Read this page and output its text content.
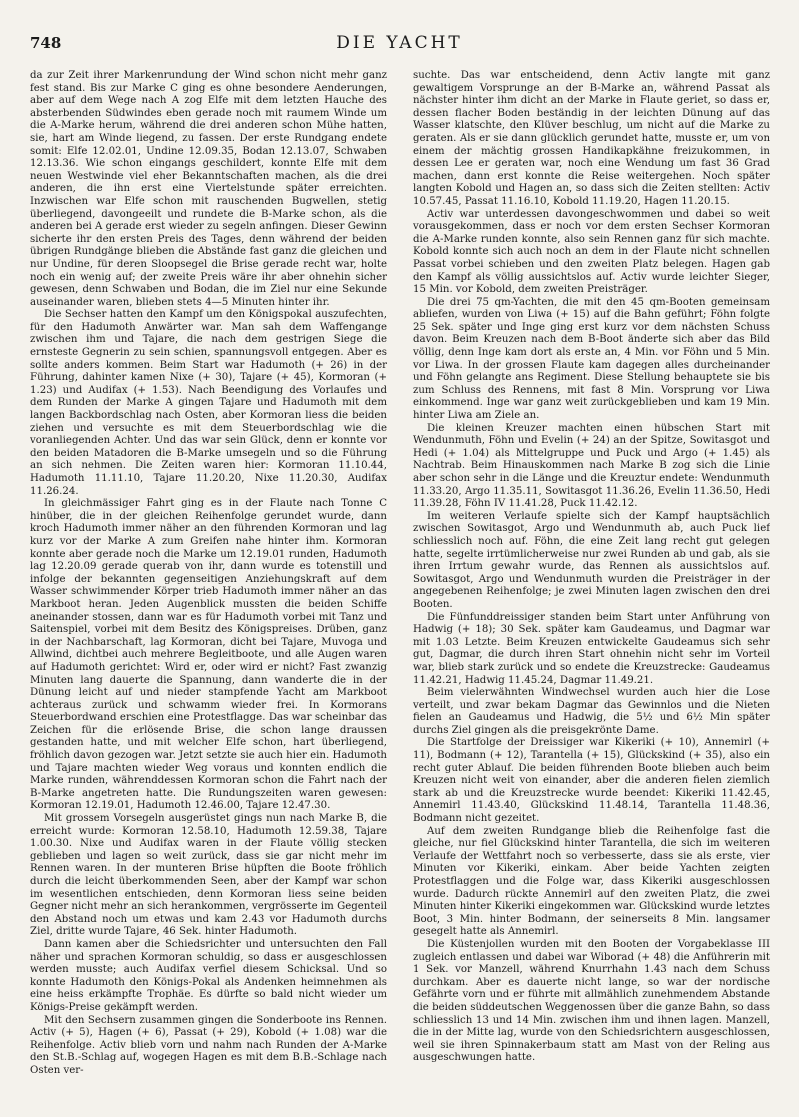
748	DIE YACHT

da zur Zeit ihrer Markenrundung der Wind schon nicht mehr ganz fest stand. Bis zur Marke C ging es ohne besondere Aenderungen, aber auf dem Wege nach A zog Elfe mit dem letzten Hauche des absterbenden Südwindes eben gerade noch mit raumem Winde um die A-Marke herum, während die drei anderen schon Mühe hatten, sie, hart am Winde liegend, zu fassen. Der erste Rundgang endete somit: Elfe 12.02.01, Undine 12.09.35, Bodan 12.13.07, Schwaben 12.13.36. Wie schon eingangs geschildert, konnte Elfe mit dem neuen Westwinde viel eher Bekanntschaften machen, als die drei anderen, die ihn erst eine Viertelstunde später erreichten. Inzwischen war Elfe schon mit rauschenden Bugwellen, stetig überliegend, davongeeilt und rundete die B-Marke schon, als die anderen bei A gerade erst wieder zu segeln anfingen. Dieser Gewinn sicherte ihr den ersten Preis des Tages, denn während der beiden übrigen Rundgänge blieben die Abstände fast ganz die gleichen und nur Undine, für deren Sloopsegel die Brise gerade recht war, holte noch ein wenig auf; der zweite Preis wäre ihr aber ohnehin sicher gewesen, denn Schwaben und Bodan, die im Ziel nur eine Sekunde auseinander waren, blieben stets 4—5 Minuten hinter ihr.

Die Sechser hatten den Kampf um den Königspokal auszufechten, für den Hadumoth Anwärter war. Man sah dem Waffengange zwischen ihm und Tajare, die nach dem gestrigen Siege die ernsteste Gegnerin zu sein schien, spannungsvoll entgegen. Aber es sollte anders kommen. Beim Start war Hadumoth (+ 26) in der Führung, dahinter kamen Nixe (+ 30), Tajare (+ 45), Kormoran (+ 1.23) und Audifax (+ 1.53). Nach Beendigung des Vorlaufes und dem Runden der Marke A gingen Tajare und Hadumoth mit dem langen Backbordschlag nach Osten, aber Kormoran liess die beiden ziehen und versuchte es mit dem Steuerbordschlag wie die voranliegenden Achter. Und das war sein Glück, denn er konnte vor den beiden Matadoren die B-Marke umsegeln und so die Führung an sich nehmen. Die Zeiten waren hier: Kormoran 11.10.44, Hadumoth 11.11.10, Tajare 11.20.20, Nixe 11.20.30, Audifax 11.26.24.

In gleichmässiger Fahrt ging es in der Flaute nach Tonne C hinüber, die in der gleichen Reihenfolge gerundet wurde, dann kroch Hadumoth immer näher an den führenden Kormoran und lag kurz vor der Marke A zum Greifen nahe hinter ihm. Kormoran konnte aber gerade noch die Marke um 12.19.01 runden, Hadumoth lag 12.20.09 gerade querab von ihr, dann wurde es totenstill und infolge der bekannten gegenseitigen Anziehungskraft auf dem Wasser schwimmender Körper trieb Hadumoth immer näher an das Markboot heran. Jeden Augenblick mussten die beiden Schiffe aneinander stossen, dann war es für Hadumoth vorbei mit Tanz und Saitenspiel, vorbei mit dem Besitz des Königspreises. Drüben, ganz in der Nachbarschaft, lag Kormoran, dicht bei Tajare, Muvoga und Allwind, dichtbei auch mehrere Begleitboote, und alle Augen waren auf Hadumoth gerichtet: Wird er, oder wird er nicht? Fast zwanzig Minuten lang dauerte die Spannung, dann wanderte die in der Dünung leicht auf und nieder stampfende Yacht am Markboot achteraus zurück und schwamm wieder frei. In Kormorans Steuerbordwand erschien eine Protestflagge. Das war scheinbar das Zeichen für die erlösende Brise, die schon lange draussen gestanden hatte, und mit welcher Elfe schon, hart überliegend, fröhlich davon gezogen war. Jetzt setzte sie auch hier ein. Hadumoth und Tajare machten wieder Weg voraus und konnten endlich die Marke runden, währenddessen Kormoran schon die Fahrt nach der B-Marke angetreten hatte. Die Rundungszeiten waren gewesen: Kormoran 12.19.01, Hadumoth 12.46.00, Tajare 12.47.30.

Mit grossem Vorsegeln ausgerüstet gings nun nach Marke B, die erreicht wurde: Kormoran 12.58.10, Hadumoth 12.59.38, Tajare 1.00.30. Nixe und Audifax waren in der Flaute völlig stecken geblieben und lagen so weit zurück, dass sie gar nicht mehr im Rennen waren. In der munteren Brise hüpften die Boote fröhlich durch die leicht überkommenden Seen, aber der Kampf war schon im wesentlichen entschieden, denn Kormoran liess seine beiden Gegner nicht mehr an sich herankommen, vergrösserte im Gegenteil den Abstand noch um etwas und kam 2.43 vor Hadumoth durchs Ziel, dritte wurde Tajare, 46 Sek. hinter Hadumoth.

Dann kamen aber die Schiedsrichter und untersuchten den Fall näher und sprachen Kormoran schuldig, so dass er ausgeschlossen werden musste; auch Audifax verfiel diesem Schicksal. Und so konnte Hadumoth den Königs-Pokal als Andenken heimnehmen als eine heiss erkämpfte Trophäe. Es dürfte so bald nicht wieder um Königs-Preise gekämpft werden.

Mit den Sechsern zusammen gingen die Sonderboote ins Rennen. Activ (+ 5), Hagen (+ 6), Passat (+ 29), Kobold (+ 1.08) war die Reihenfolge. Activ blieb vorn und nahm nach Runden der A-Marke den St.B.-Schlag auf, wogegen Hagen es mit dem B.B.-Schlage nach Osten ver-

suchte. Das war entscheidend, denn Activ langte mit ganz gewaltigem Vorsprunge an der B-Marke an, während Passat als nächster hinter ihm dicht an der Marke in Flaute geriet, so dass er, dessen flacher Boden beständig in der leichten Dünung auf das Wasser klatschte, den Klüver beschlug, um nicht auf die Marke zu geraten. Als er sie dann glücklich gerundet hatte, musste er, um von einem der mächtig grossen Handikapkähne freizukommen, in dessen Lee er geraten war, noch eine Wendung um fast 36 Grad machen, dann erst konnte die Reise weitergehen. Noch später langten Kobold und Hagen an, so dass sich die Zeiten stellten: Activ 10.57.45, Passat 11.16.10, Kobold 11.19.20, Hagen 11.20.15.

Activ war unterdessen davongeschwommen und dabei so weit vorausgekommen, dass er noch vor dem ersten Sechser Kormoran die A-Marke runden konnte, also sein Rennen ganz für sich machte. Kobold konnte sich auch noch an dem in der Flaute nicht schnellen Passat vorbei schieben und den zweiten Platz belegen. Hagen gab den Kampf als völlig aussichtslos auf. Activ wurde leichter Sieger, 15 Min. vor Kobold, dem zweiten Preisträger.

Die drei 75 qm-Yachten, die mit den 45 qm-Booten gemeinsam abliefen, wurden von Liwa (+ 15) auf die Bahn geführt; Föhn folgte 25 Sek. später und Inge ging erst kurz vor dem nächsten Schuss davon. Beim Kreuzen nach dem B-Boot änderte sich aber das Bild völlig, denn Inge kam dort als erste an, 4 Min. vor Föhn und 5 Min. vor Liwa. In der grossen Flaute kam dagegen alles durcheinander und Föhn gelangte ans Regiment. Diese Stellung behauptete sie bis zum Schluss des Rennens, mit fast 8 Min. Vorsprung vor Liwa einkommend. Inge war ganz weit zurückgeblieben und kam 19 Min. hinter Liwa am Ziele an.

Die kleinen Kreuzer machten einen hübschen Start mit Wendunmuth, Föhn und Evelin (+ 24) an der Spitze, Sowitasgot und Hedi (+ 1.04) als Mittelgruppe und Puck und Argo (+ 1.45) als Nachtrab. Beim Hinauskommen nach Marke B zog sich die Linie aber schon sehr in die Länge und die Kreuztur endete: Wendunmuth 11.33.20, Argo 11.35.11, Sowitasgot 11.36.26, Evelin 11.36.50, Hedi 11.39.28, Föhn IV 11.41.28, Puck 11.42.12.

Im weiteren Verlaufe spielte sich der Kampf hauptsächlich zwischen Sowitasgot, Argo und Wendunmuth ab, auch Puck lief schliesslich noch auf. Föhn, die eine Zeit lang recht gut gelegen hatte, segelte irrtümlicherweise nur zwei Runden ab und gab, als sie ihren Irrtum gewahr wurde, das Rennen als aussichtslos auf. Sowitasgot, Argo und Wendunmuth wurden die Preisträger in der angegebenen Reihenfolge; je zwei Minuten lagen zwischen den drei Booten.

Die Fünfunddreissiger standen beim Start unter Anführung von Hadwig (+ 18); 30 Sek. später kam Gaudeamus, und Dagmar war mit 1.03 Letzte. Beim Kreuzen entwickelte Gaudeamus sich sehr gut, Dagmar, die durch ihren Start ohnehin nicht sehr im Vorteil war, blieb stark zurück und so endete die Kreuzstrecke: Gaudeamus 11.42.21, Hadwig 11.45.24, Dagmar 11.49.21.

Beim vielerwähnten Windwechsel wurden auch hier die Lose verteilt, und zwar bekam Dagmar das Gewinnlos und die Nieten fielen an Gaudeamus und Hadwig, die 5½ und 6½ Min später durchs Ziel gingen als die preisgekrönte Dame.

Die Startfolge der Dreissiger war Kikeriki (+ 10), Annemirl (+ 11), Bodmann (+ 12), Tarantella (+ 15), Glückskind (+ 35), also ein recht guter Ablauf. Die beiden führenden Boote blieben auch beim Kreuzen nicht weit von einander, aber die anderen fielen ziemlich stark ab und die Kreuzstrecke wurde beendet: Kikeriki 11.42.45, Annemirl 11.43.40, Glückskind 11.48.14, Tarantella 11.48.36, Bodmann nicht gezeitet.

Auf dem zweiten Rundgange blieb die Reihenfolge fast die gleiche, nur fiel Glückskind hinter Tarantella, die sich im weiteren Verlaufe der Wettfahrt noch so verbesserte, dass sie als erste, vier Minuten vor Kikeriki, einkam. Aber beide Yachten zeigten Protestflaggen und die Folge war, dass Kikeriki ausgeschlossen wurde. Dadurch rückte Annemirl auf den zweiten Platz, die zwei Minuten hinter Kikeriki eingekommen war. Glückskind wurde letztes Boot, 3 Min. hinter Bodmann, der seinerseits 8 Min. langsamer gesegelt hatte als Annemirl.

Die Küstenjollen wurden mit den Booten der Vorgabeklasse III zugleich entlassen und dabei war Wiborad (+ 48) die Anführerin mit 1 Sek. vor Manzell, während Knurrhahn 1.43 nach dem Schuss durchkam. Aber es dauerte nicht lange, so war der nordische Gefährte vorn und er führte mit allmählich zunehmendem Abstande die beiden süddeutschen Weggenossen über die ganze Bahn, so dass schliesslich 13 und 14 Min. zwischen ihm und ihnen lagen. Manzell, die in der Mitte lag, wurde von den Schiedsrichtern ausgeschlossen, weil sie ihren Spinnakerbaum statt am Mast von der Reling aus ausgeschwungen hatte.
